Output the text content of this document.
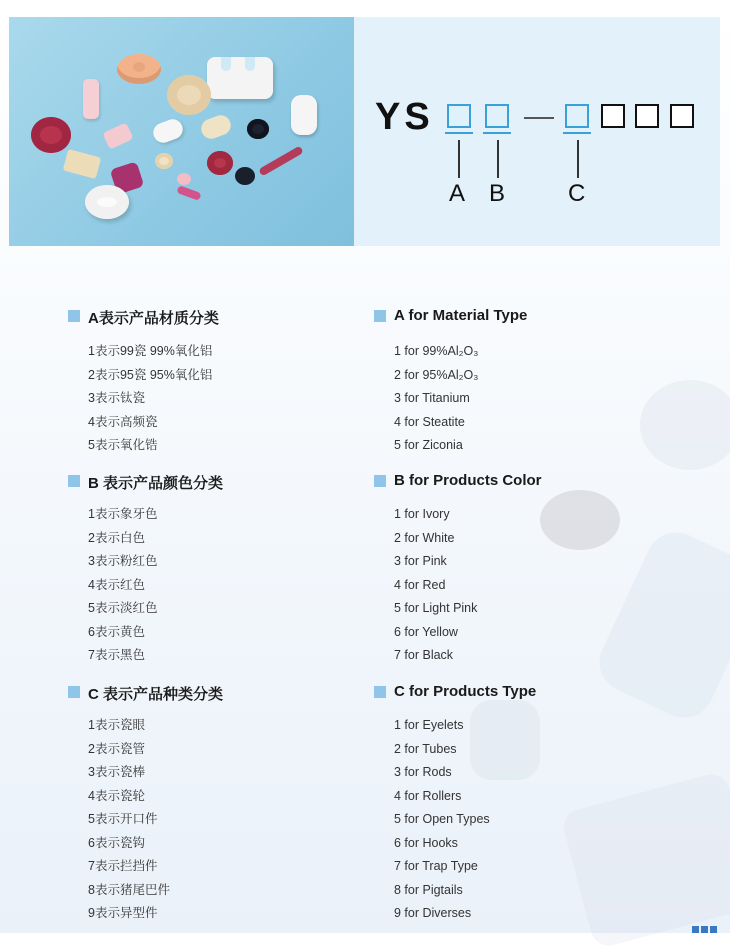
YS
A B	C
A表示产品材质分类
1表示99瓷 99%氧化铝
2表示95瓷 95%氧化铝
3表示钛瓷
4表示高频瓷
5表示氧化锆
B 表示产品颜色分类
1表示象牙色
2表示白色
3表示粉红色
4表示红色
5表示淡红色
6表示黄色
7表示黑色
C 表示产品种类分类
1表示瓷眼
2表示瓷管
3表示瓷棒
4表示瓷轮
5表示开口件
6表示瓷钩
7表示拦挡件
8表示猪尾巴件
9表示异型件
A for Material Type
1 for 99%Al₂O₃
2 for 95%Al₂O₃
3 for Titanium
4 for Steatite
5 for Ziconia
B for Products Color
1 for Ivory
2 for White
3 for Pink
4 for Red
5 for Light Pink
6 for Yellow
7 for Black
C for Products Type
1 for Eyelets
2 for Tubes
3 for Rods
4 for Rollers
5 for Open Types
6 for Hooks
7 for Trap Type
8 for Pigtails
9 for Diverses
